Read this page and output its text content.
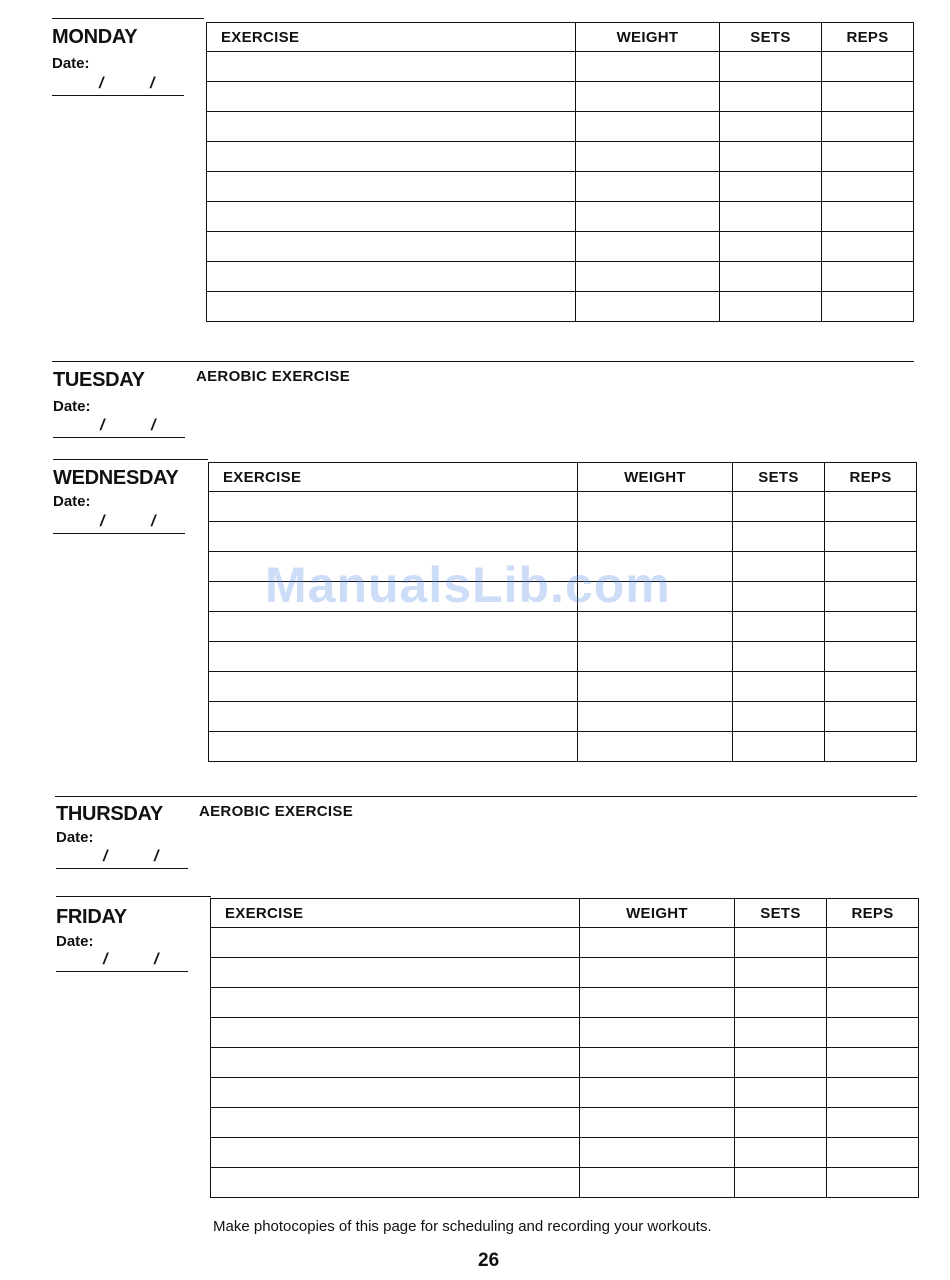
MONDAY
Date:
/	/
EXERCISE	WEIGHT	SETS	REPS

TUESDAY	AEROBIC EXERCISE
Date:
/	/
WEDNESDAY
Date:
/	/
EXERCISE	WEIGHT	SETS	REPS

THURSDAY AEROBIC EXERCISE
Date:
/	/
FRIDAY
Date:
/	/
EXERCISE	WEIGHT	SETS	REPS

ManualsLib.com
Make photocopies of this page for scheduling and recording your workouts.
26
